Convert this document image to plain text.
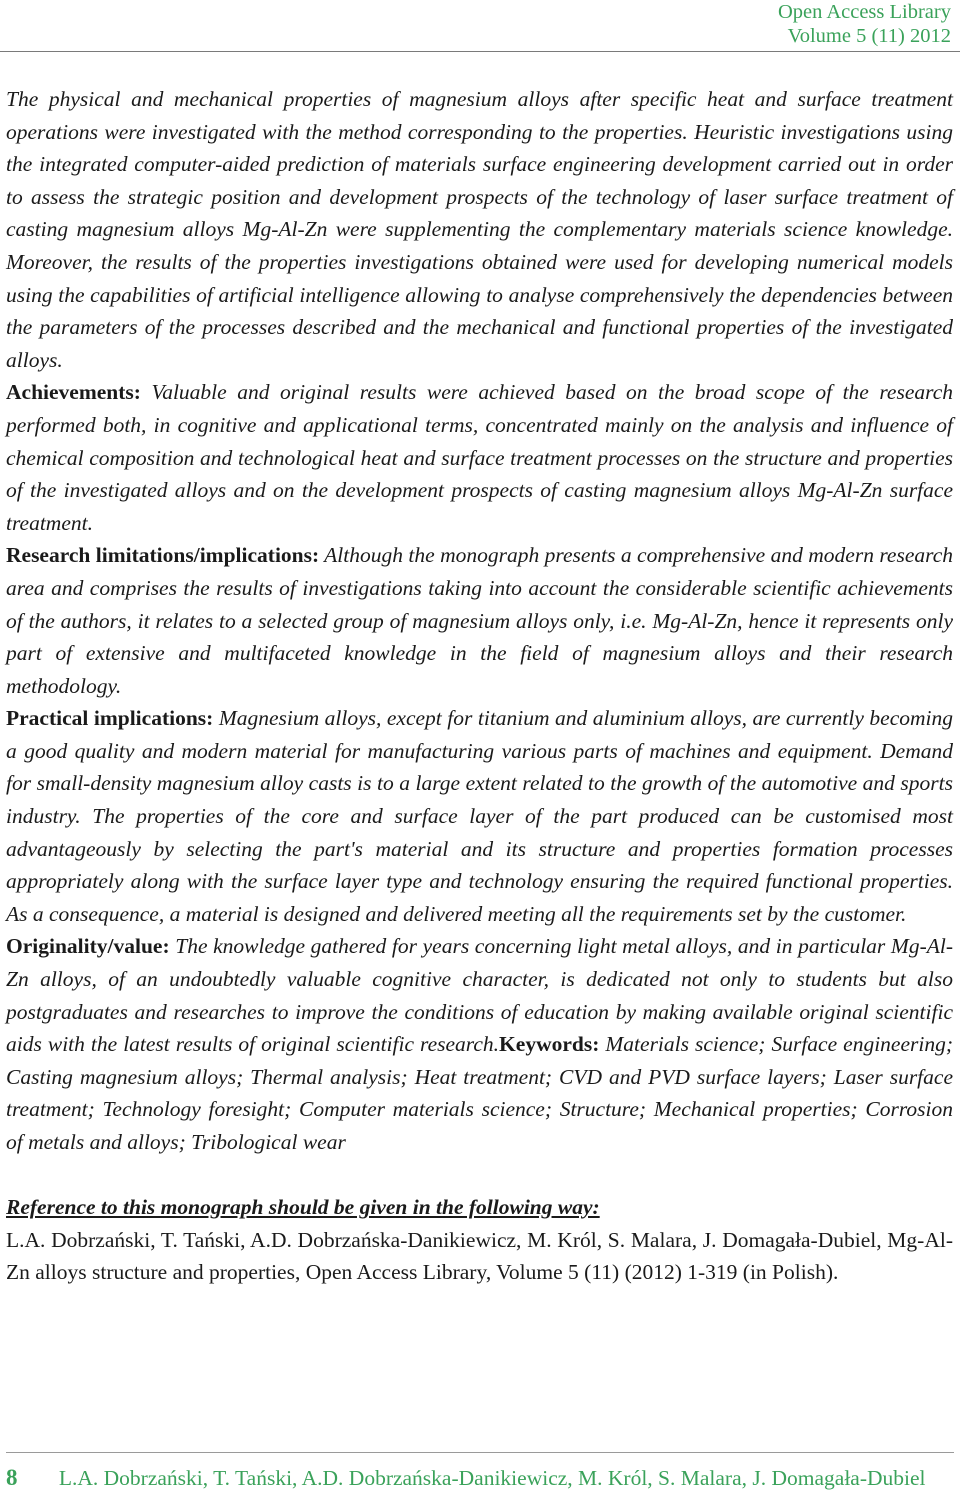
Open Access Library
Volume 5 (11) 2012

The physical and mechanical properties of magnesium alloys after specific heat and surface treatment operations were investigated with the method corresponding to the properties. Heuristic investigations using the integrated computer-aided prediction of materials surface engineering development carried out in order to assess the strategic position and development prospects of the technology of laser surface treatment of casting magnesium alloys Mg-Al-Zn were supplementing the complementary materials science knowledge. Moreover, the results of the properties investigations obtained were used for developing numerical models using the capabilities of artificial intelligence allowing to analyse comprehensively the dependencies between the parameters of the processes described and the mechanical and functional properties of the investigated alloys.

Achievements: Valuable and original results were achieved based on the broad scope of the research performed both, in cognitive and applicational terms, concentrated mainly on the analysis and influence of chemical composition and technological heat and surface treatment processes on the structure and properties of the investigated alloys and on the development prospects of casting magnesium alloys Mg-Al-Zn surface treatment.

Research limitations/implications: Although the monograph presents a comprehensive and modern research area and comprises the results of investigations taking into account the considerable scientific achievements of the authors, it relates to a selected group of magnesium alloys only, i.e. Mg-Al-Zn, hence it represents only part of extensive and multifaceted knowledge in the field of magnesium alloys and their research methodology.

Practical implications: Magnesium alloys, except for titanium and aluminium alloys, are currently becoming a good quality and modern material for manufacturing various parts of machines and equipment. Demand for small-density magnesium alloy casts is to a large extent related to the growth of the automotive and sports industry. The properties of the core and surface layer of the part produced can be customised most advantageously by selecting the part's material and its structure and properties formation processes appropriately along with the surface layer type and technology ensuring the required functional properties. As a consequence, a material is designed and delivered meeting all the requirements set by the customer.

Originality/value: The knowledge gathered for years concerning light metal alloys, and in particular Mg-Al-Zn alloys, of an undoubtedly valuable cognitive character, is dedicated not only to students but also postgraduates and researches to improve the conditions of education by making available original scientific aids with the latest results of original scientific research.Keywords: Materials science; Surface engineering; Casting magnesium alloys; Thermal analysis; Heat treatment; CVD and PVD surface layers; Laser surface treatment; Technology foresight; Computer materials science; Structure; Mechanical properties; Corrosion of metals and alloys; Tribological wear

Reference to this monograph should be given in the following way:

L.A. Dobrzański, T. Tański, A.D. Dobrzańska-Danikiewicz, M. Król, S. Malara, J. Domagała-Dubiel, Mg-Al-Zn alloys structure and properties, Open Access Library, Volume 5 (11) (2012) 1-319 (in Polish).

8 L.A. Dobrzański, T. Tański, A.D. Dobrzańska-Danikiewicz, M. Król, S. Malara, J. Domagała-Dubiel
